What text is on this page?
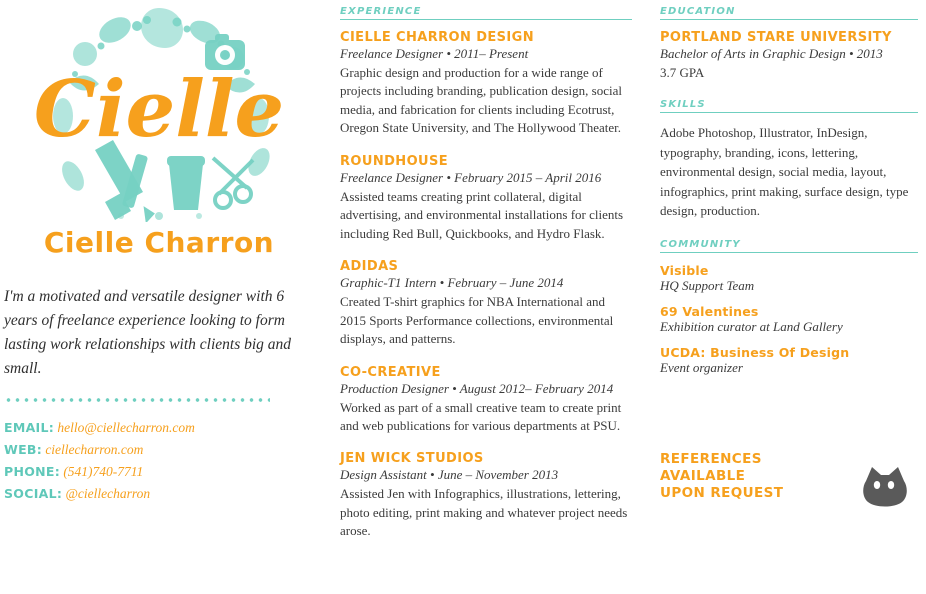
Cielle
Cielle Charron
I'm a motivated and versatile designer with 6 years of freelance experience looking to form lasting work relationships with clients big and small.
EMAIL: hello@ciellecharron.com
WEB: ciellecharron.com
PHONE: (541)740-7711
SOCIAL: @ciellecharron
EXPERIENCE
CIELLE CHARRON DESIGN
Freelance Designer • 2011– Present
Graphic design and production for a wide range of projects including branding, publication design, social media, and fabrication for clients including Ecotrust, Oregon State University, and The Hollywood Theater.
ROUNDHOUSE
Freelance Designer • February 2015 – April 2016
Assisted teams creating print collateral, digital advertising, and environmental installations for clients including Red Bull, Quickbooks, and Hydro Flask.
ADIDAS
Graphic-T1 Intern • February – June 2014
Created T-shirt graphics for NBA International and 2015 Sports Performance collections, environmental displays, and patterns.
CO-CREATIVE
Production Designer • August 2012– February 2014
Worked as part of a small creative team to create print and web publications for various departments at PSU.
JEN WICK STUDIOS
Design Assistant • June – November 2013
Assisted Jen with Infographics, illustrations, lettering, photo editing, print making and whatever project needs arose.
EDUCATION
PORTLAND STARE UNIVERSITY
Bachelor of Arts in Graphic Design • 2013
3.7 GPA
SKILLS
Adobe Photoshop, Illustrator, InDesign, typography, branding, icons, lettering, environmental design, social media, layout, infographics, print making, surface design, type design, production.
COMMUNITY
Visible
HQ Support Team
69 Valentines
Exhibition curator at Land Gallery
UCDA: Business Of Design
Event organizer
REFERENCES AVAILABLE
UPON REQUEST
